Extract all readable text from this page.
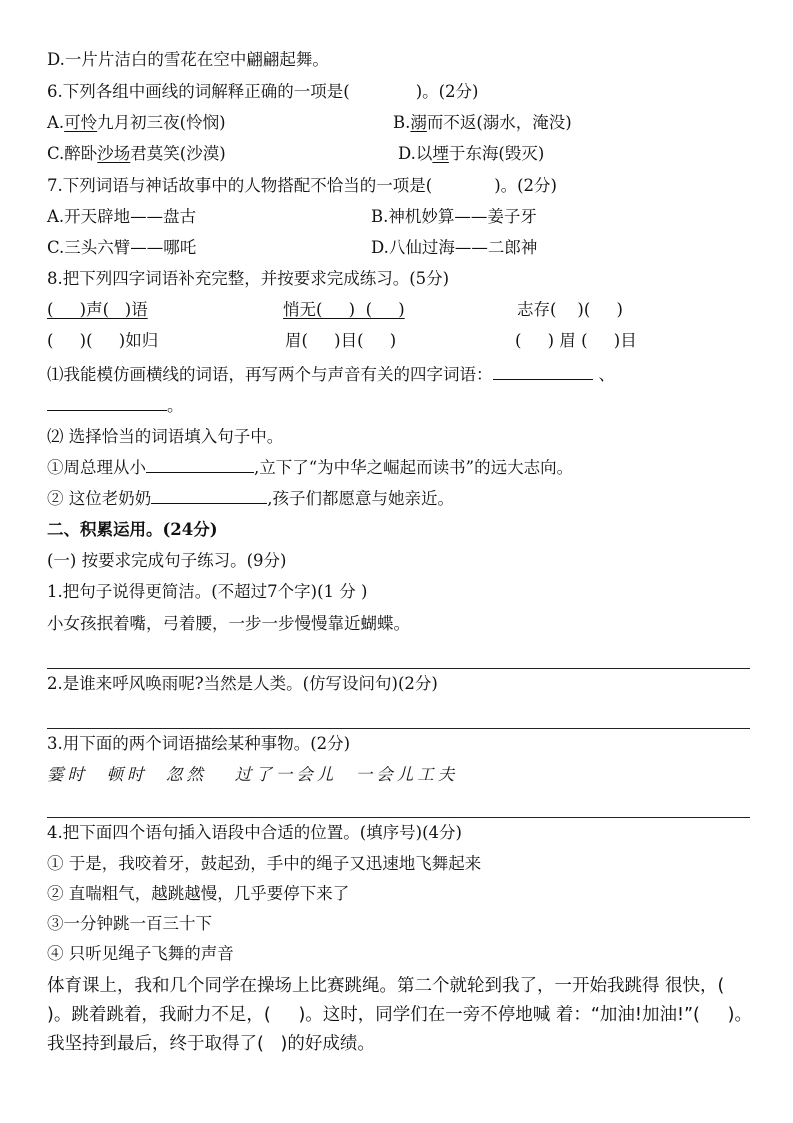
D.一片片洁白的雪花在空中翩翩起舞。
6.下列各组中画线的词解释正确的一项是(	)。(2分)
A.可怜九月初三夜(怜悯)	B.溺而不返(溺水，淹没)
C.醉卧沙场君莫笑(沙漠)	D.以堙于东海(毁灭)
7.下列词语与神话故事中的人物搭配不恰当的一项是(	)。(2分)
A.开天辟地——盘古	B.神机妙算——姜子牙
C.三头六臂——哪吒	D.八仙过海——二郎神
8.把下列四字词语补充完整，并按要求完成练习。(5分)
(     )声(   )语	悄无(     )  (     )	志存(    )(     )
(     )(     )如归	眉(     )目(     )	(     ) 眉 (     )目
⑴我能模仿画横线的词语，再写两个与声音有关的四字词语：	、
。
⑵ 选择恰当的词语填入句子中。
①周总理从小	,立下了“为中华之崛起而读书”的远大志向。
② 这位老奶奶	,孩子们都愿意与她亲近。
二、积累运用。(24分)
(一) 按要求完成句子练习。(9分)
1.把句子说得更简洁。(不超过7个字)(1 分 )
小女孩抿着嘴，弓着腰，一步一步慢慢靠近蝴蝶。
2.是谁来呼风唤雨呢?当然是人类。(仿写设问句)(2分)
3.用下面的两个词语描绘某种事物。(2分)
霎时  顿时  忽然   过了一会儿  一会儿工夫
4.把下面四个语句插入语段中合适的位置。(填序号)(4分)
① 于是，我咬着牙，鼓起劲，手中的绳子又迅速地飞舞起来
② 直喘粗气，越跳越慢，几乎要停下来了
③一分钟跳一百三十下
④ 只听见绳子飞舞的声音
体育课上，我和几个同学在操场上比赛跳绳。第二个就轮到我了，一开始我跳得 很快，(     )。跳着跳着，我耐力不足，(     )。这时，同学们在一旁不停地喊 着：“加油!加油!”(     )。我坚持到最后，终于取得了(   )的好成绩。
